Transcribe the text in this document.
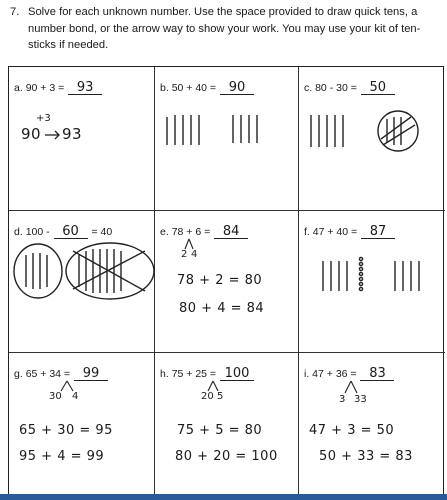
7. Solve for each unknown number. Use the space provided to draw quick tens, a
number bond, or the arrow way to show your work. You may use your kit of ten-
sticks if needed.
a. 90 + 3 = 93
+3
90 93
b. 50 + 40 = 90	c. 80 - 30 = 50
d. 100 - 60 = 40	e. 78 + 6 = 84
2 4
78 + 2 = 80
80 + 4 = 84
f. 47 + 40 = 87
g. 65 + 34 = 99
30 4
65 + 30 = 95
95 + 4 = 99
h. 75 + 25 = 100
20 5
75 + 5 = 80
80 + 20 = 100
i. 47 + 36 = 83
3 33
47 + 3 = 50
50 + 33 = 83
